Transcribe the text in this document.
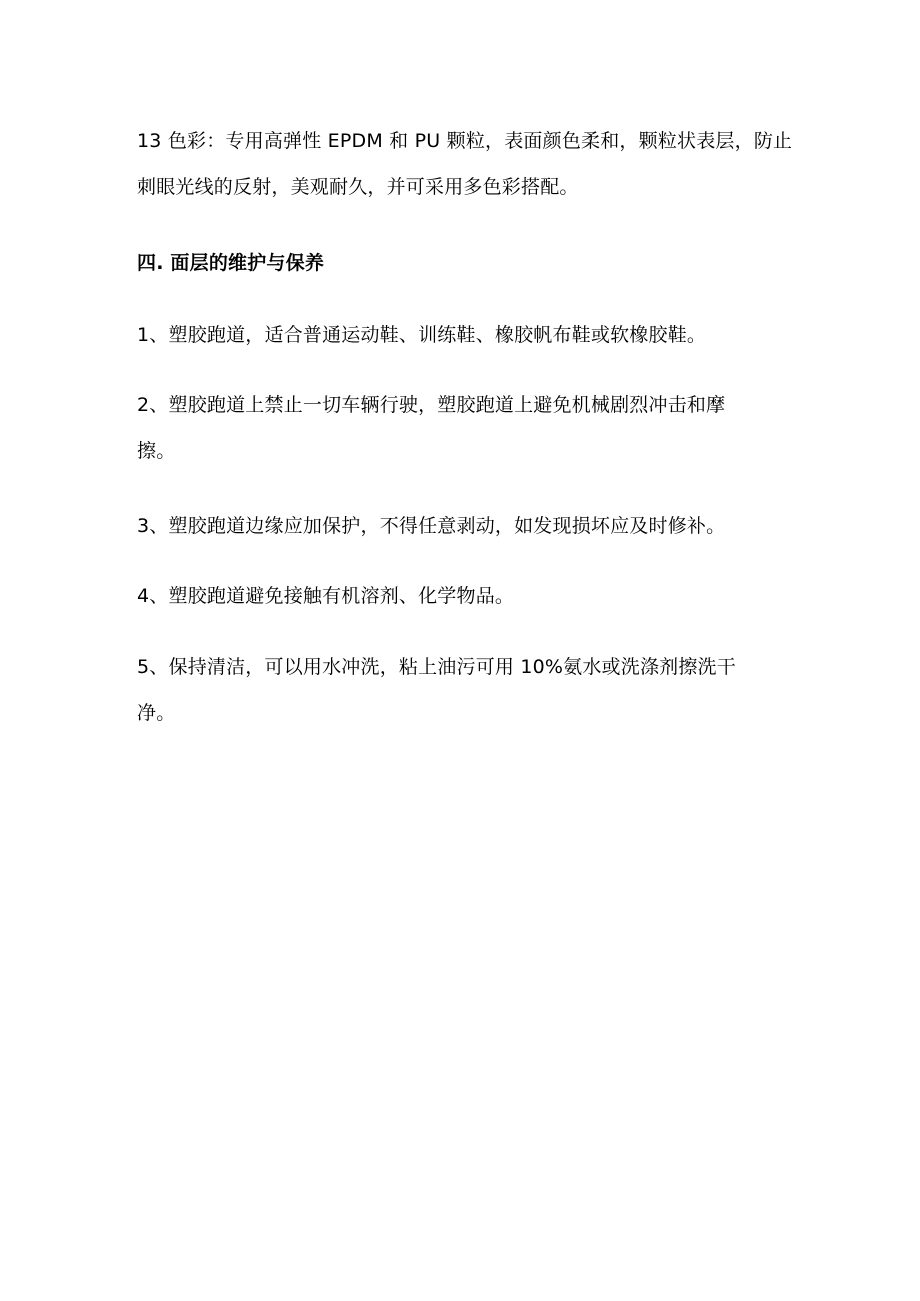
13 色彩：专用高弹性 EPDM 和 PU 颗粒，表面颜色柔和，颗粒状表层，防止
刺眼光线的反射，美观耐久，并可采用多色彩搭配。

四. 面层的维护与保养

1、塑胶跑道，适合普通运动鞋、训练鞋、橡胶帆布鞋或软橡胶鞋。

2、塑胶跑道上禁止一切车辆行驶，塑胶跑道上避免机械剧烈冲击和摩
擦。

3、塑胶跑道边缘应加保护，不得任意剥动，如发现损坏应及时修补。

4、塑胶跑道避免接触有机溶剂、化学物品。

5、保持清洁，可以用水冲洗，粘上油污可用 10%氨水或洗涤剂擦洗干
净。
